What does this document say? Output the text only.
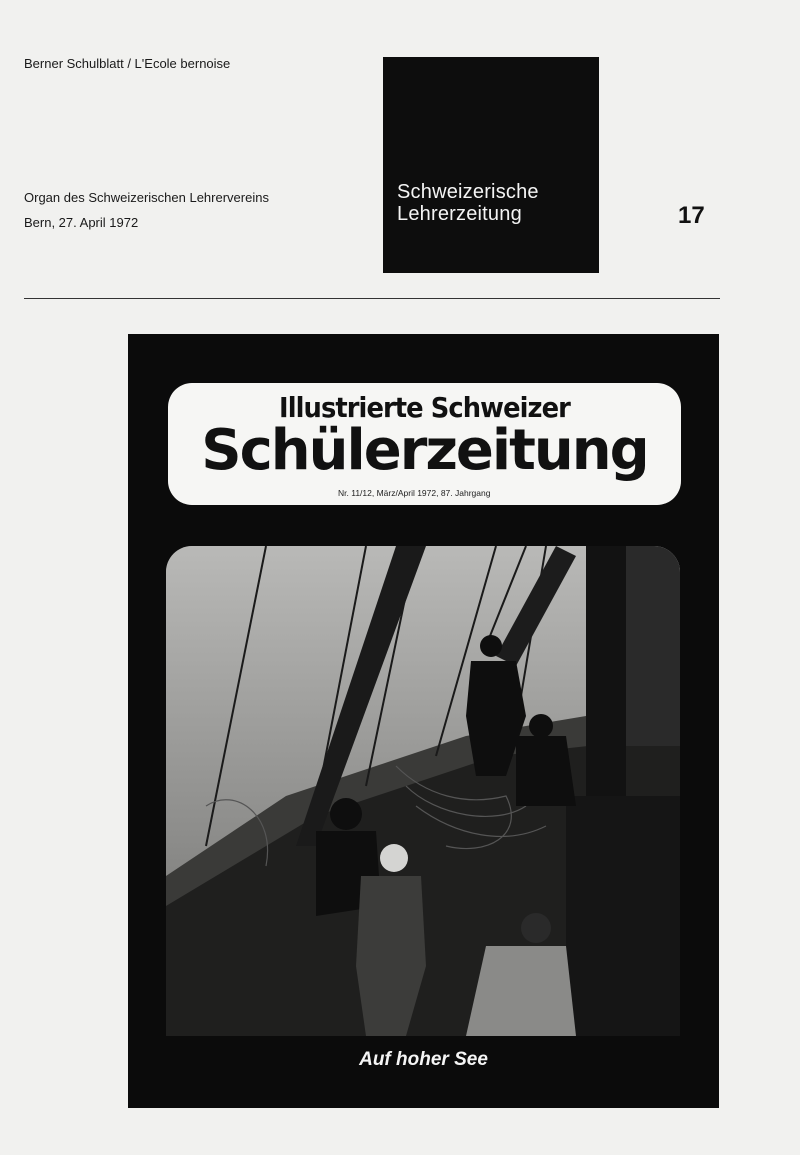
Berner Schulblatt / L'Ecole bernoise
Organ des Schweizerischen Lehrervereins
Bern, 27. April 1972
Schweizerische
Lehrerzeitung	17
Illustrierte Schweizer
Schülerzeitung
Nr. 11/12, März/April 1972, 87. Jahrgang
Auf hoher See
